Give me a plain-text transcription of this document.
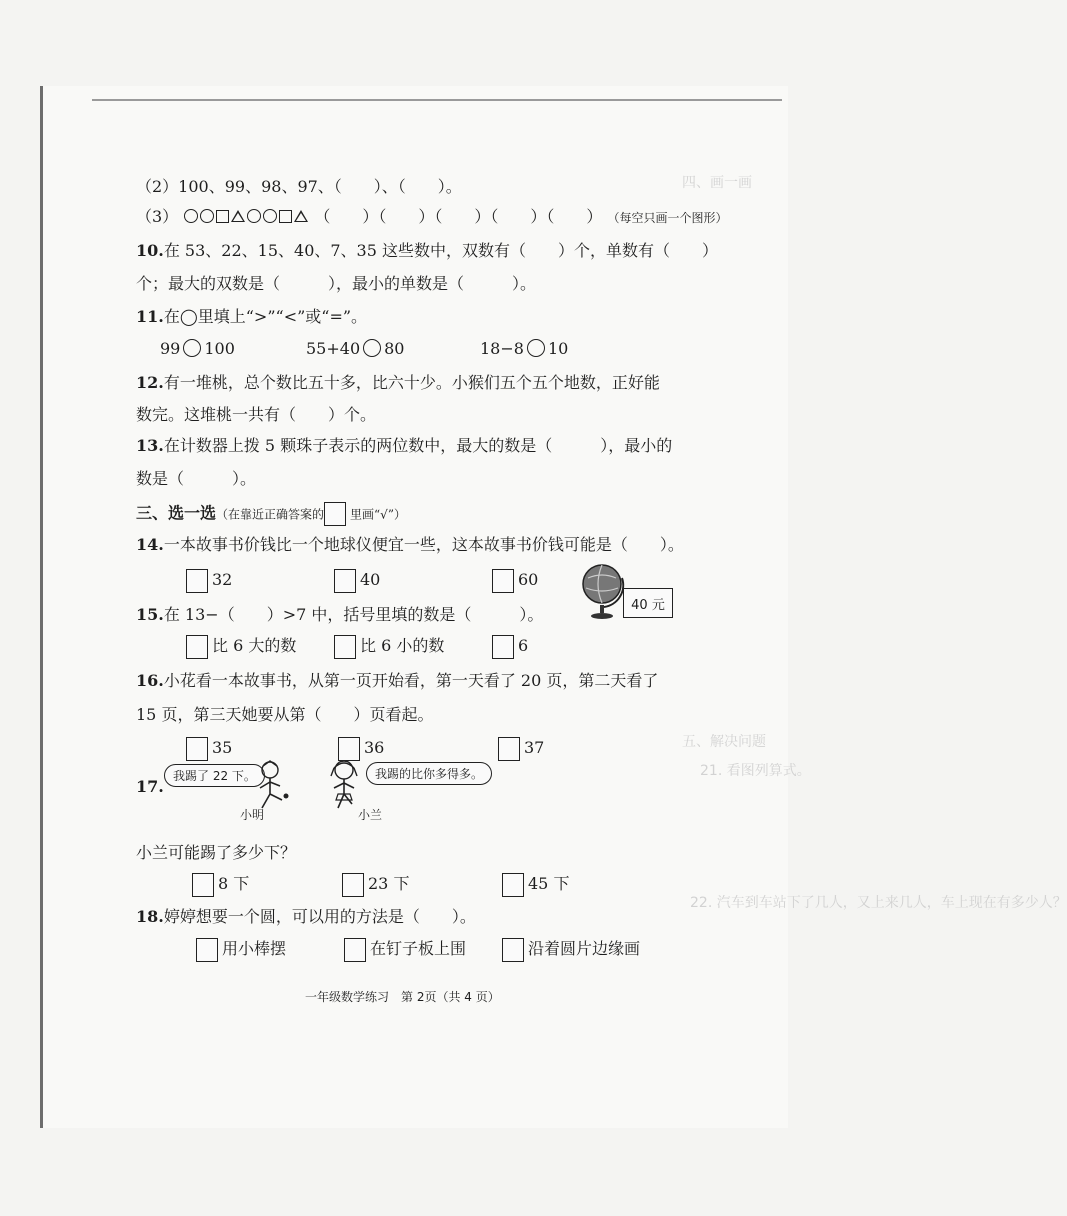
四、画一画
五、解决问题
21. 看图列算式。
22. 汽车到车站下了几人，又上来几人，车上现在有多少人？
（2）100、99、98、97、（　　）、（　　）。
（3）	（　　）（　　）（　　）（　　）（　　） （每空只画一个图形）
10.在 53、22、15、40、7、35 这些数中，双数有（　　）个，单数有（　　）
个；最大的双数是（　　　），最小的单数是（　　　）。
11.在◯里填上“>”“<”或“=”。
99 100	55+40 80	18−8 10
12.有一堆桃，总个数比五十多，比六十少。小猴们五个五个地数，正好能
数完。这堆桃一共有（　　）个。
13.在计数器上拨 5 颗珠子表示的两位数中，最大的数是（　　　），最小的
数是（　　　）。
三、选一选（在靠近正确答案的 里画“√”）
14.一本故事书价钱比一个地球仪便宜一些，这本故事书价钱可能是（　　）。
32	40	60
40 元
15.在 13−（　　）>7 中，括号里填的数是（　　　）。
比 6 大的数	比 6 小的数	6
16.小花看一本故事书，从第一页开始看，第一天看了 20 页，第二天看了
15 页，第三天她要从第（　　）页看起。
35	36	37
17.
我踢了 22 下。
小明
我踢的比你多得多。
小兰
小兰可能踢了多少下？
8 下	23 下	45 下
18.婷婷想要一个圆，可以用的方法是（　　）。
用小棒摆	在钉子板上围	沿着圆片边缘画
一年级数学练习　第 2页（共 4 页）
